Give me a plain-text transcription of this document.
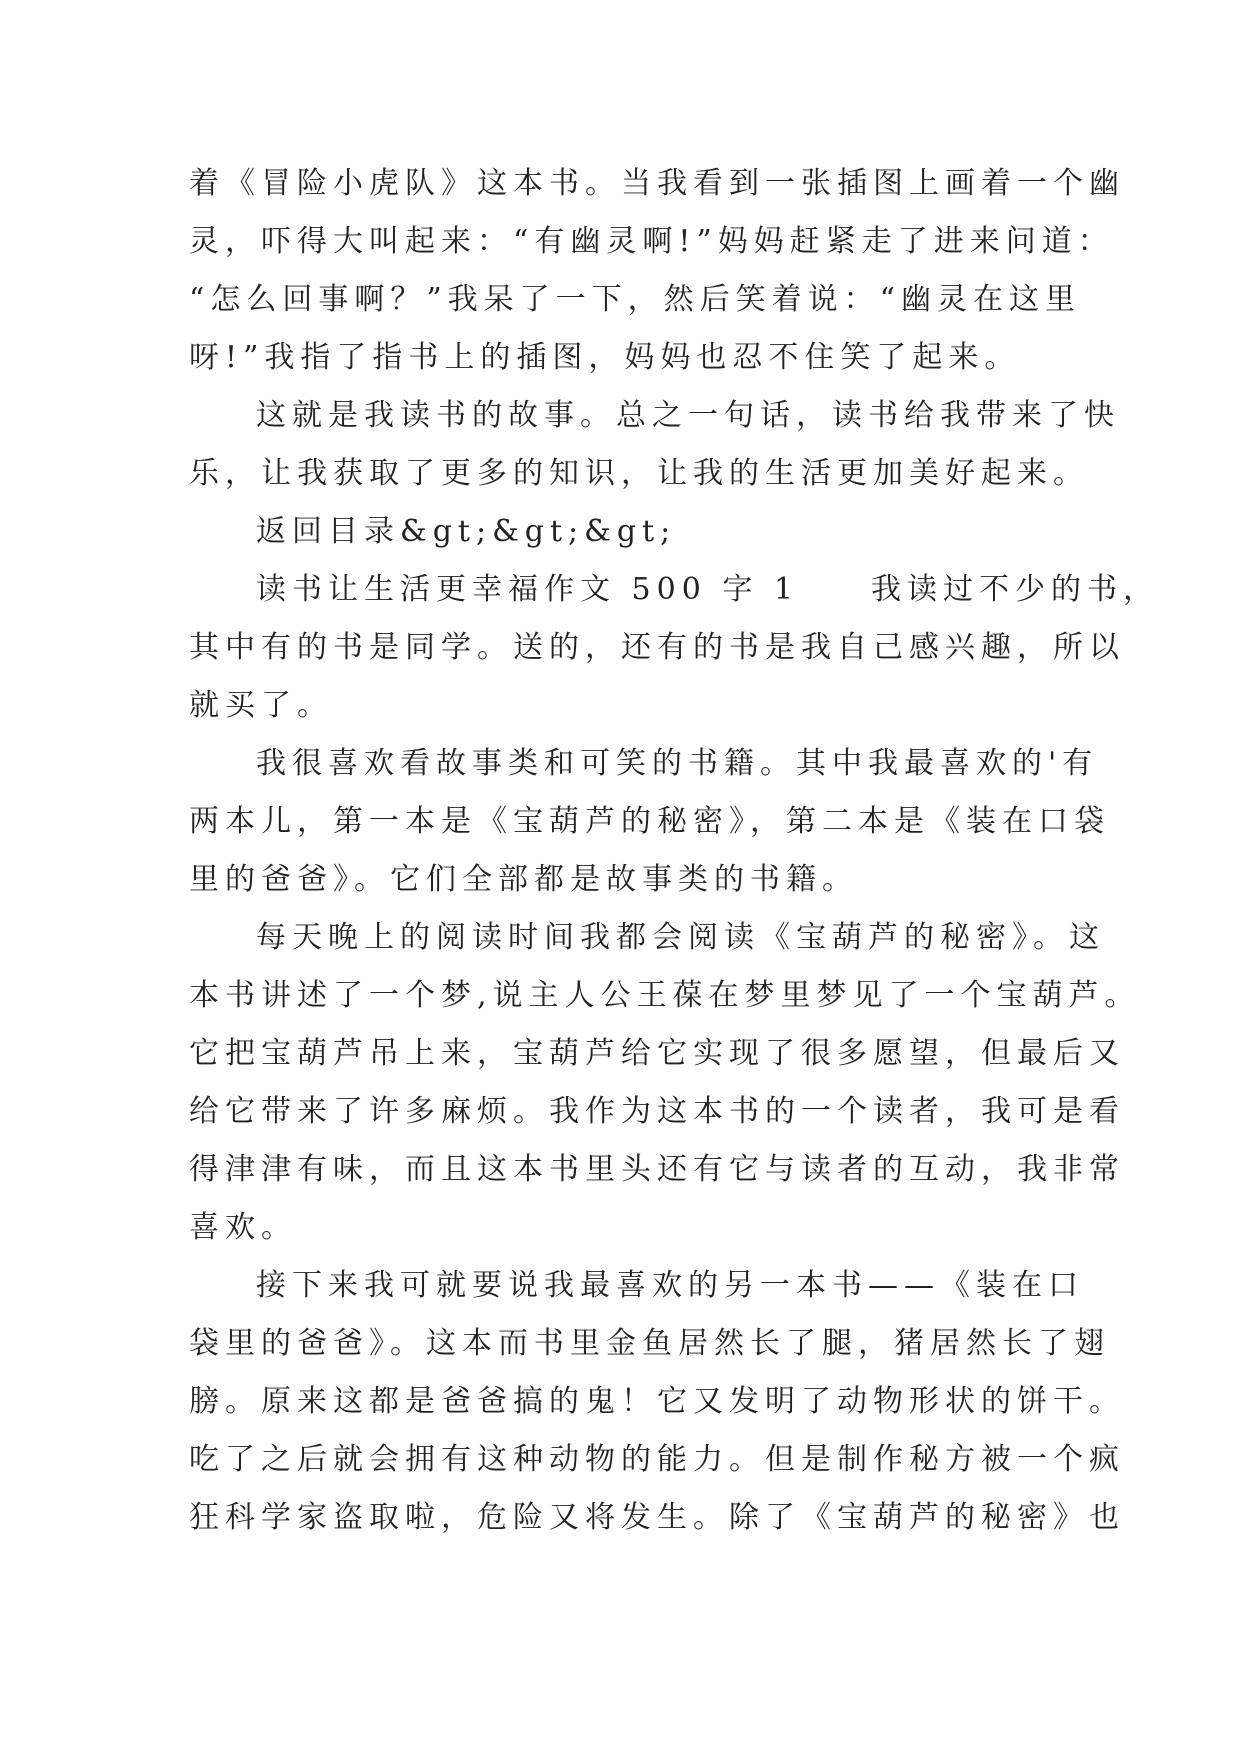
着《冒险小虎队》这本书。当我看到一张插图上画着一个幽
灵，吓得大叫起来：“有幽灵啊!”妈妈赶紧走了进来问道：
“怎么回事啊？”我呆了一下，然后笑着说：“幽灵在这里
呀!”我指了指书上的插图，妈妈也忍不住笑了起来。
这就是我读书的故事。总之一句话，读书给我带来了快
乐，让我获取了更多的知识，让我的生活更加美好起来。
返回目录&gt;&gt;&gt;
读书让生活更幸福作文 500 字 1　　我读过不少的书，
其中有的书是同学。送的，还有的书是我自己感兴趣，所以
就买了。
我很喜欢看故事类和可笑的书籍。其中我最喜欢的'有
两本儿，第一本是《宝葫芦的秘密》，第二本是《装在口袋
里的爸爸》。它们全部都是故事类的书籍。
每天晚上的阅读时间我都会阅读《宝葫芦的秘密》。这
本书讲述了一个梦,说主人公王葆在梦里梦见了一个宝葫芦。
它把宝葫芦吊上来，宝葫芦给它实现了很多愿望，但最后又
给它带来了许多麻烦。我作为这本书的一个读者，我可是看
得津津有味，而且这本书里头还有它与读者的互动，我非常
喜欢。
接下来我可就要说我最喜欢的另一本书——《装在口
袋里的爸爸》。这本而书里金鱼居然长了腿，猪居然长了翅
膀。原来这都是爸爸搞的鬼！它又发明了动物形状的饼干。
吃了之后就会拥有这种动物的能力。但是制作秘方被一个疯
狂科学家盗取啦，危险又将发生。除了《宝葫芦的秘密》也
